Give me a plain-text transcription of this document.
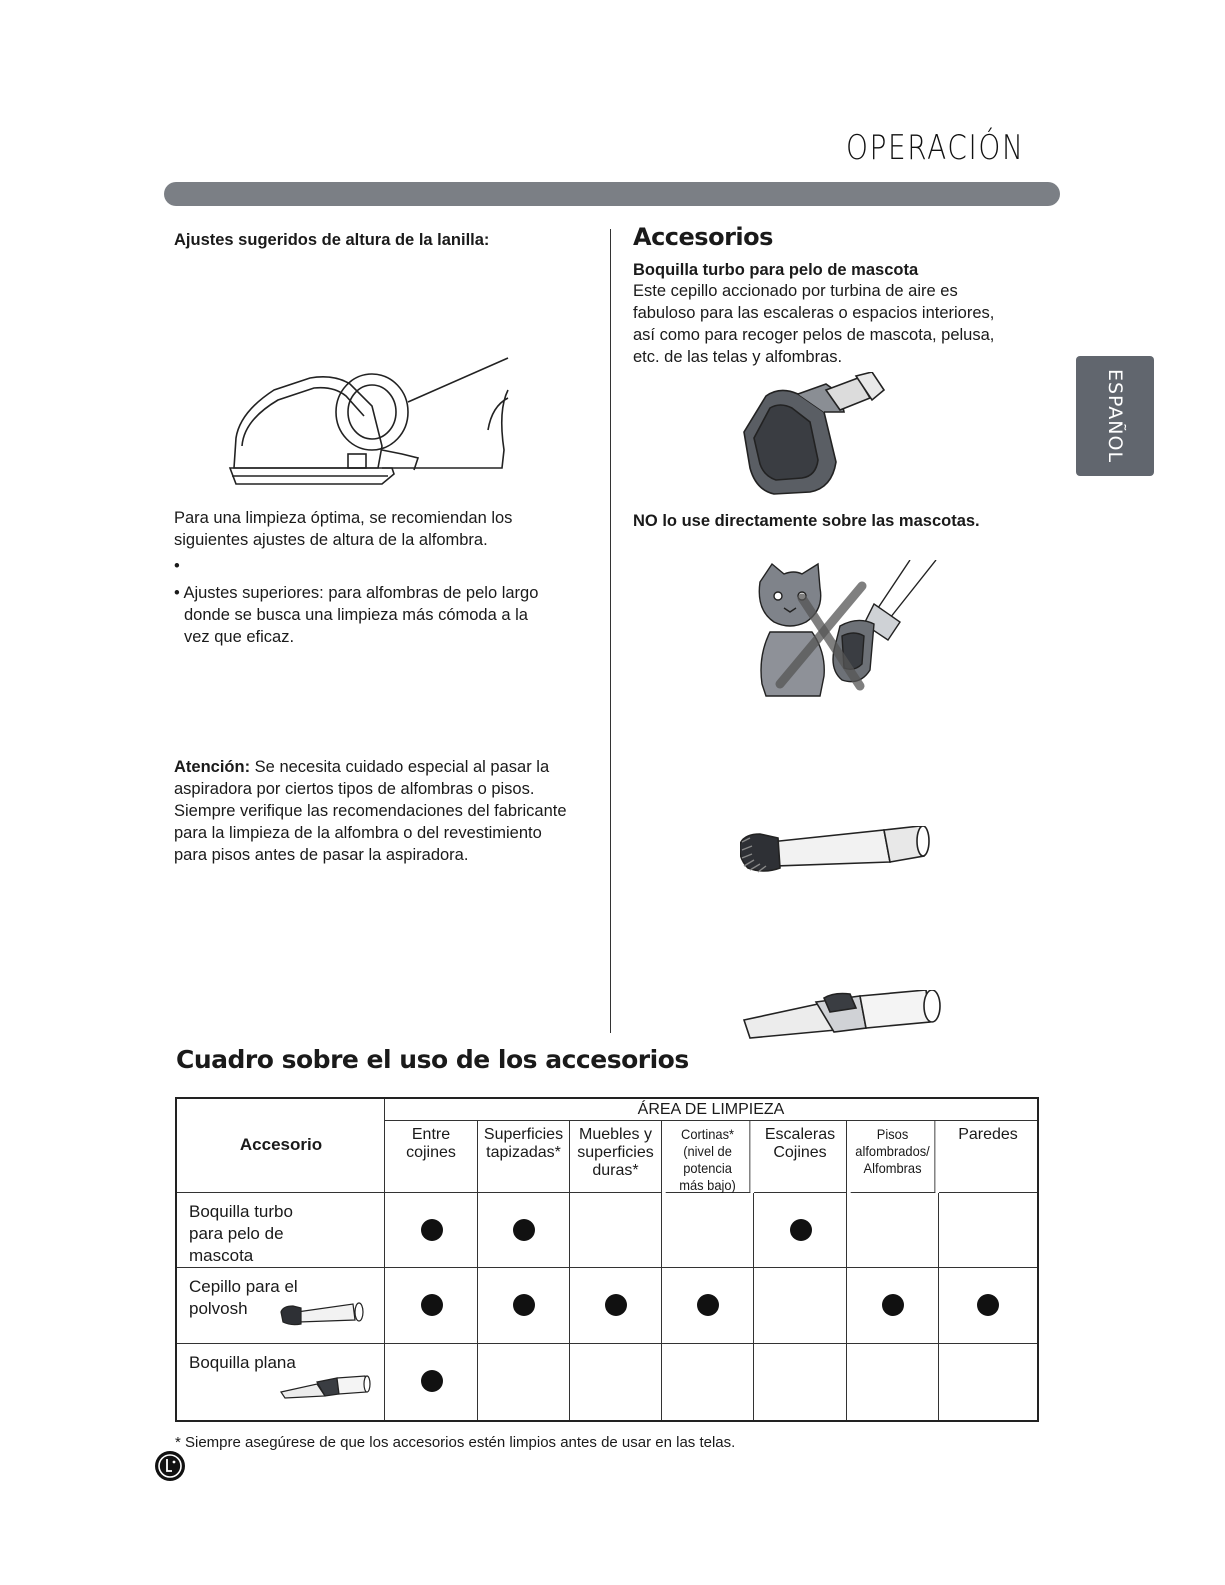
OPERACIÓN
ESPAÑOL
Ajustes sugeridos de altura de la lanilla:
Para una limpieza óptima, se recomiendan los
siguientes ajustes de altura de la alfombra.
•
• Ajustes superiores: para alfombras de pelo largo
donde se busca una limpieza más cómoda a la
vez que eficaz.
Atención: Se necesita cuidado especial al pasar la
aspiradora por ciertos tipos de alfombras o pisos.
Siempre verifique las recomendaciones del fabricante
para la limpieza de la alfombra o del revestimiento
para pisos antes de pasar la aspiradora.
Accesorios
Boquilla turbo para pelo de mascota
Este cepillo accionado por turbina de aire es
fabuloso para las escaleras o espacios interiores,
así como para recoger pelos de mascota, pelusa,
etc. de las telas y alfombras.
NO lo use directamente sobre las mascotas.
Cuadro sobre el uso de los accesorios
Accesorio
ÁREA DE LIMPIEZA
Entre
cojines
Superficies
tapizadas*
Muebles y
superficies
duras*
Cortinas*
(nivel de potencia
más bajo)
Escaleras
Cojines
Pisos
alfombrados/
Alfombras
Paredes
Boquilla turbo
para pelo de
mascota
Cepillo para el
polvosh
Boquilla plana
* Siempre asegúrese de que los accesorios estén limpios antes de usar en las telas.
